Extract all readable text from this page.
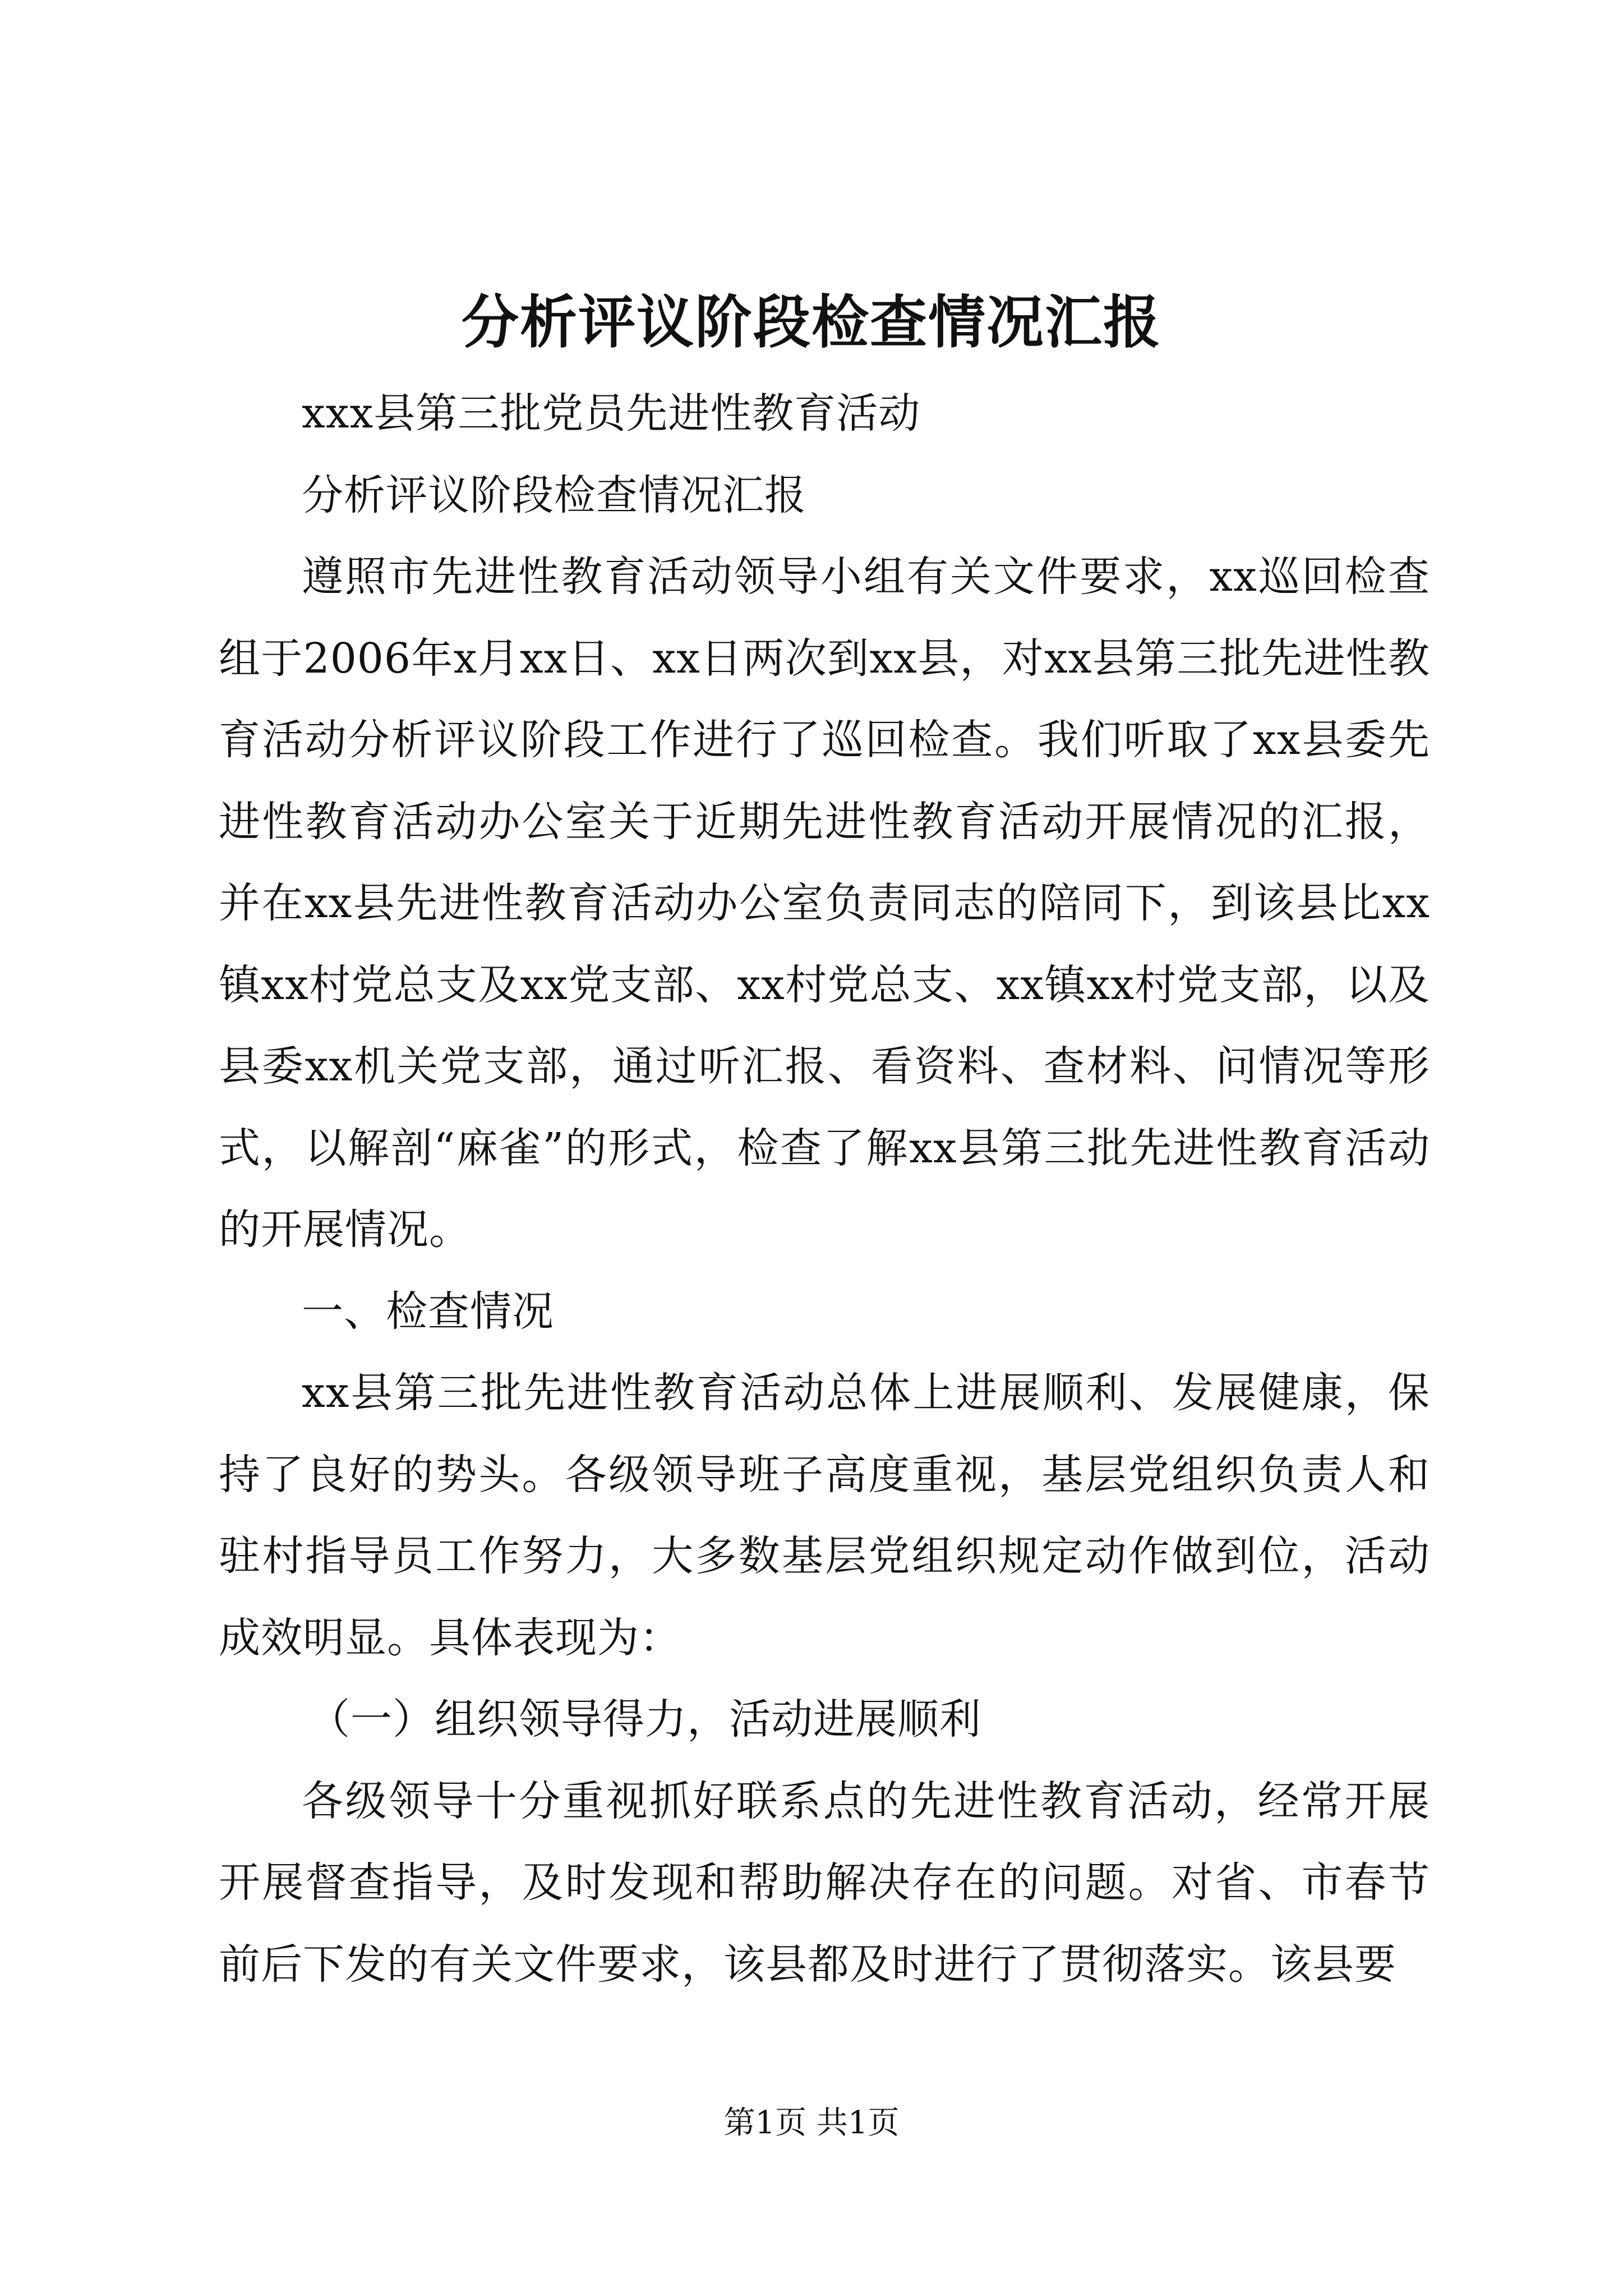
分析评议阶段检查情况汇报

xxx县第三批党员先进性教育活动

分析评议阶段检查情况汇报

遵照市先进性教育活动领导小组有关文件要求，xx巡回检查组于2006年x月xx日、xx日两次到xx县，对xx县第三批先进性教育活动分析评议阶段工作进行了巡回检查。我们听取了xx县委先进性教育活动办公室关于近期先进性教育活动开展情况的汇报，并在xx县先进性教育活动办公室负责同志的陪同下，到该县比xx镇xx村党总支及xx党支部、xx村党总支、xx镇xx村党支部，以及县委xx机关党支部，通过听汇报、看资料、查材料、问情况等形式，以解剖“麻雀”的形式，检查了解xx县第三批先进性教育活动的开展情况。

一、检查情况

xx县第三批先进性教育活动总体上进展顺利、发展健康，保持了良好的势头。各级领导班子高度重视，基层党组织负责人和驻村指导员工作努力，大多数基层党组织规定动作做到位，活动成效明显。具体表现为：

（一）组织领导得力，活动进展顺利

各级领导十分重视抓好联系点的先进性教育活动，经常开展开展督查指导，及时发现和帮助解决存在的问题。对省、市春节前后下发的有关文件要求，该县都及时进行了贯彻落实。该县要

第1页 共1页
